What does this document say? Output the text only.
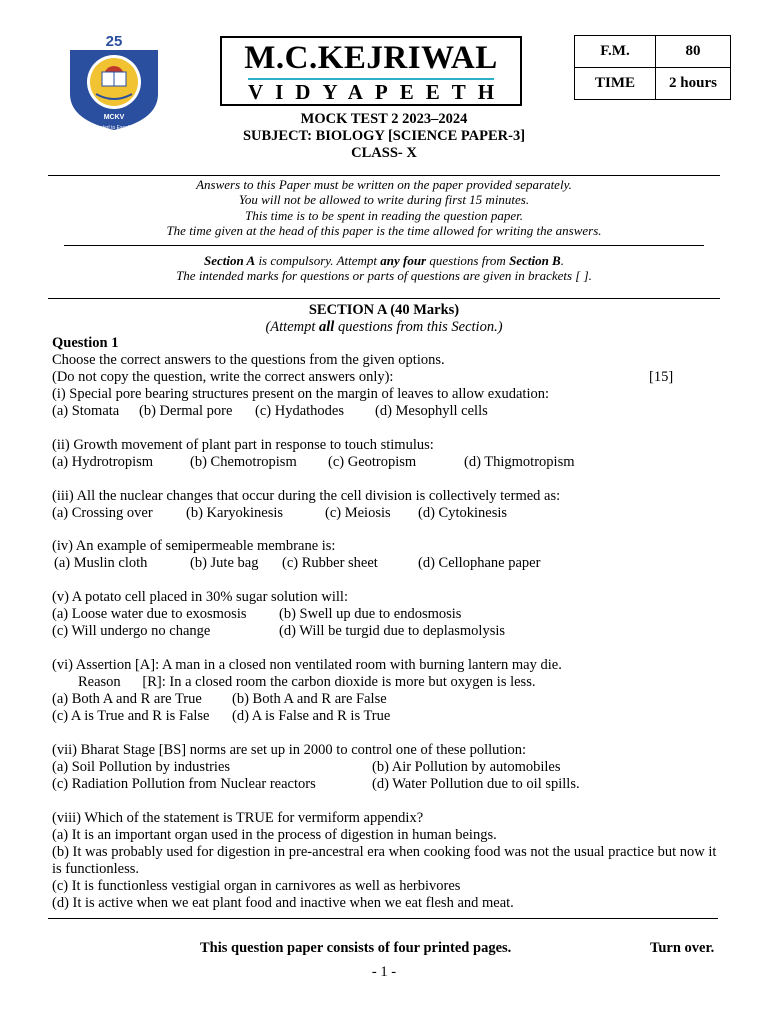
25
MCKV
Dedicated to Excellence
M.C.KEJRIWAL
VIDYAPEETH
F.M.	80
TIME	2 hours
MOCK TEST 2 2023–2024
SUBJECT: BIOLOGY [SCIENCE PAPER-3]
CLASS- X
Answers to this Paper must be written on the paper provided separately.
You will not be allowed to write during first 15 minutes.
This time is to be spent in reading the question paper.
The time given at the head of this paper is the time allowed for writing the answers.
Section A is compulsory. Attempt any four questions from Section B.
The intended marks for questions or parts of questions are given in brackets [ ].
SECTION A (40 Marks)
(Attempt all questions from this Section.)
Question 1
Choose the correct answers to the questions from the given options.
(Do not copy the question, write the correct answers only):	[15]
(i) Special pore bearing structures present on the margin of leaves to allow exudation:
(a) Stomata (b) Dermal pore (c) Hydathodes (d) Mesophyll cells
(ii) Growth movement of plant part in response to touch stimulus:
(a) Hydrotropism	(b) Chemotropism (c) Geotropism	(d) Thigmotropism
(iii) All the nuclear changes that occur during the cell division is collectively termed as:
(a) Crossing over (b) Karyokinesis	(c) Meiosis (d) Cytokinesis
(iv) An example of semipermeable membrane is:
(a) Muslin cloth	(b) Jute bag (c) Rubber sheet	(d) Cellophane paper
(v) A potato cell placed in 30% sugar solution will:
(a) Loose water due to exosmosis (b) Swell up due to endosmosis
(c) Will undergo no change	(d) Will be turgid due to deplasmolysis
(vi) Assertion [A]: A man in a closed non ventilated room with burning lantern may die.
Reason      [R]: In a closed room the carbon dioxide is more but oxygen is less.
(a) Both A and R are True (b) Both A and R are False
(c) A is True and R is False (d) A is False and R is True
(vii) Bharat Stage [BS] norms are set up in 2000 to control one of these pollution:
(a) Soil Pollution by industries	(b) Air Pollution by automobiles
(c) Radiation Pollution from Nuclear reactors	(d) Water Pollution due to oil spills.
(viii) Which of the statement is TRUE for vermiform appendix?
(a) It is an important organ used in the process of digestion in human beings.
(b) It was probably used for digestion in pre-ancestral era when cooking food was not the usual practice but now it is functionless.
(c) It is functionless vestigial organ in carnivores as well as herbivores
(d) It is active when we eat plant food and inactive when we eat flesh and meat.
This question paper consists of four printed pages.	Turn over.
- 1 -
